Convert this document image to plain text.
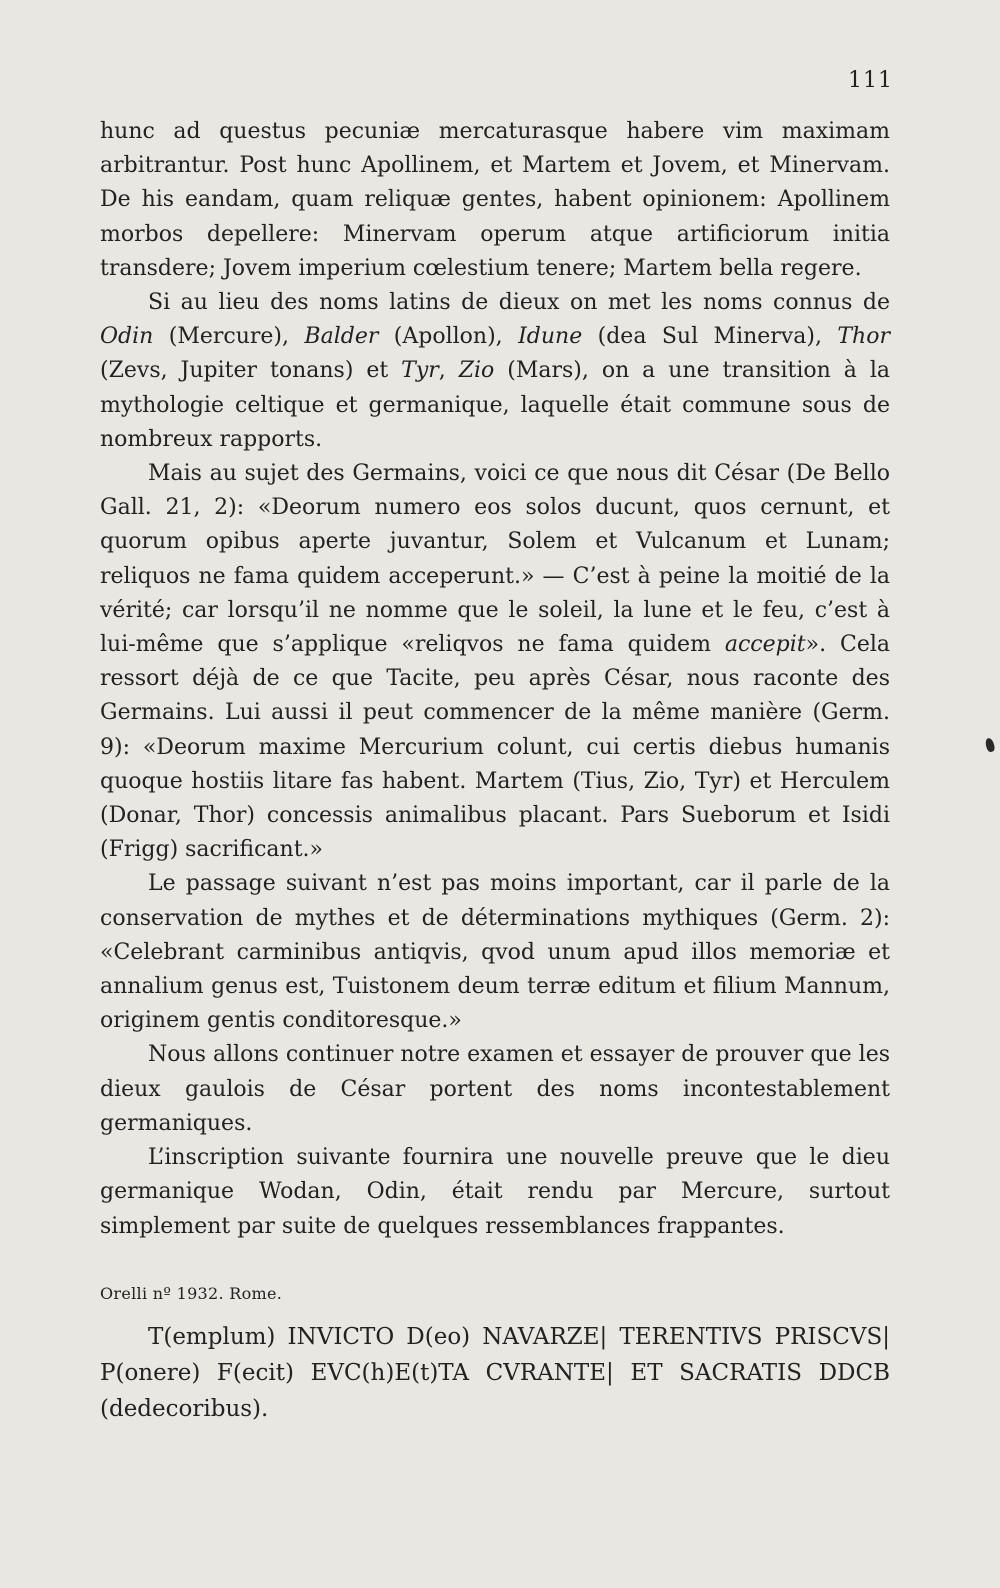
111

hunc ad questus pecuniæ mercaturasque habere vim maximam arbitrantur. Post hunc Apollinem, et Martem et Jovem, et Minervam. De his eandam, quam reliquæ gentes, habent opinionem: Apollinem morbos depellere: Minervam operum atque artificiorum initia transdere; Jovem imperium cœlestium tenere; Martem bella regere.

Si au lieu des noms latins de dieux on met les noms connus de Odin (Mercure), Balder (Apollon), Idune (dea Sul Minerva), Thor (Zevs, Jupiter tonans) et Tyr, Zio (Mars), on a une transition à la mythologie celtique et germanique, laquelle était commune sous de nombreux rapports.

Mais au sujet des Germains, voici ce que nous dit César (De Bello Gall. 21, 2): «Deorum numero eos solos ducunt, quos cernunt, et quorum opibus aperte juvantur, Solem et Vulcanum et Lunam; reliquos ne fama quidem acceperunt.» — C’est à peine la moitié de la vérité; car lorsqu’il ne nomme que le soleil, la lune et le feu, c’est à lui-même que s’applique «reliqvos ne fama quidem accepit». Cela ressort déjà de ce que Tacite, peu après César, nous raconte des Germains. Lui aussi il peut commencer de la même manière (Germ. 9): «Deorum maxime Mercurium colunt, cui certis diebus humanis quoque hostiis litare fas habent. Martem (Tius, Zio, Tyr) et Herculem (Donar, Thor) concessis animalibus placant. Pars Sueborum et Isidi (Frigg) sacrificant.»

Le passage suivant n’est pas moins important, car il parle de la conservation de mythes et de déterminations mythiques (Germ. 2): «Celebrant carminibus antiqvis, qvod unum apud illos memoriæ et annalium genus est, Tuistonem deum terræ editum et filium Mannum, originem gentis conditoresque.»

Nous allons continuer notre examen et essayer de prouver que les dieux gaulois de César portent des noms incontestablement germaniques.

L’inscription suivante fournira une nouvelle preuve que le dieu germanique Wodan, Odin, était rendu par Mercure, surtout simplement par suite de quelques ressemblances frappantes.

Orelli nº 1932. Rome.

T(emplum) INVICTO D(eo) NAVARZE| TERENTIVS PRISCVS| P(onere) F(ecit) EVC(h)E(t)TA CVRANTE| ET SACRATIS DDCB (dedecoribus).
